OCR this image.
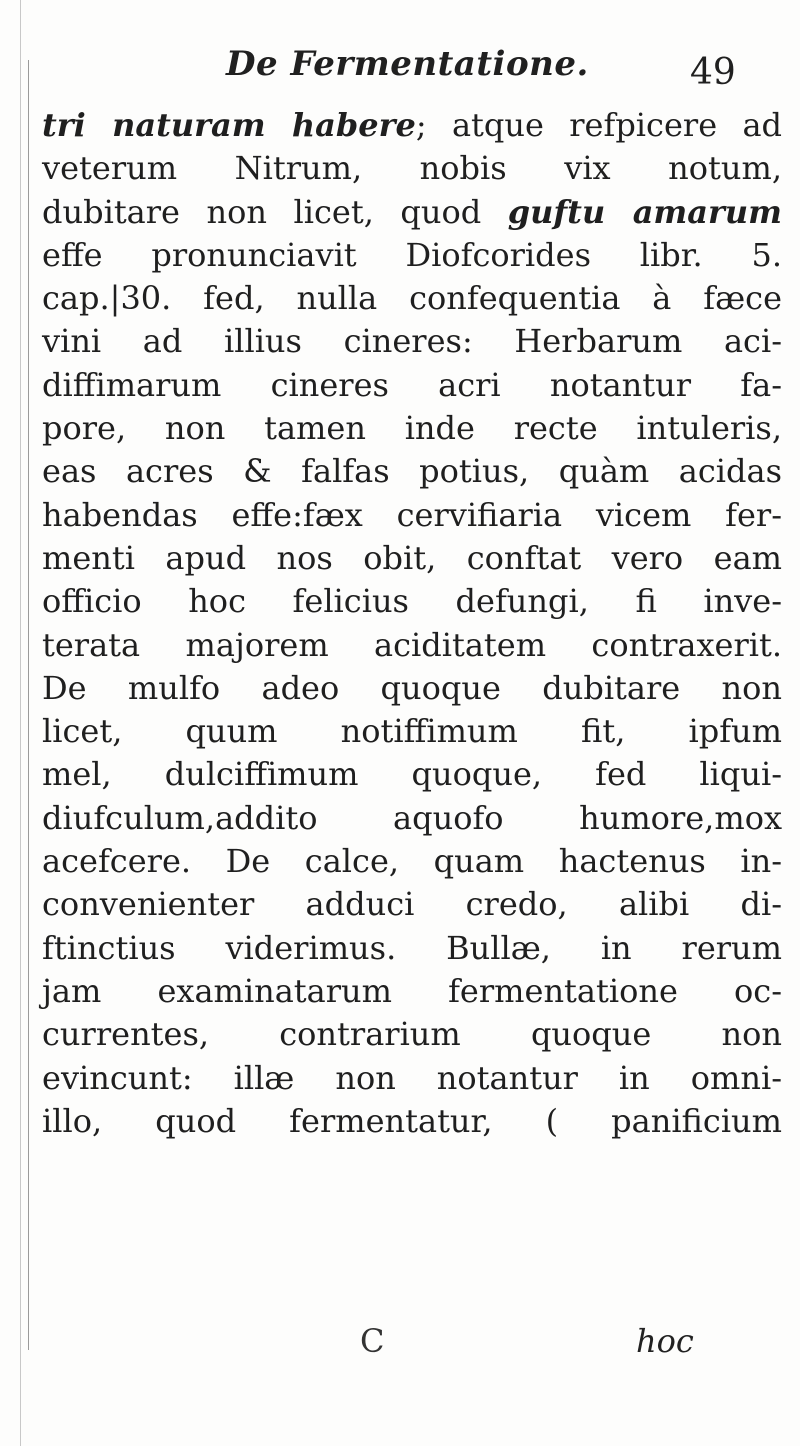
De Fermentatione.	49
tri naturam habere; atque refpicere ad
veterum Nitrum, nobis vix notum,
dubitare non licet, quod guftu amarum
effe pronunciavit Diofcorides libr. 5.
cap.|30. fed, nulla confequentia à fæce
vini ad illius cineres: Herbarum aci-
diffimarum cineres acri notantur fa-
pore, non tamen inde recte intuleris,
eas acres & falfas potius, quàm acidas
habendas effe:fæx cervifiaria vicem fer-
menti apud nos obit, conftat vero eam
officio hoc felicius defungi, fi inve-
terata majorem aciditatem contraxerit.
De mulfo adeo quoque dubitare non
licet, quum notiffimum fit, ipfum
mel, dulciffimum quoque, fed liqui-
diufculum,addito aquofo humore,mox
acefcere. De calce, quam hactenus in-
convenienter adduci credo, alibi di-
ftinctius viderimus. Bullæ, in rerum
jam examinatarum fermentatione oc-
currentes, contrarium quoque non
evincunt: illæ non notantur in omni-
illo, quod fermentatur, ( panificium
C	hoc
